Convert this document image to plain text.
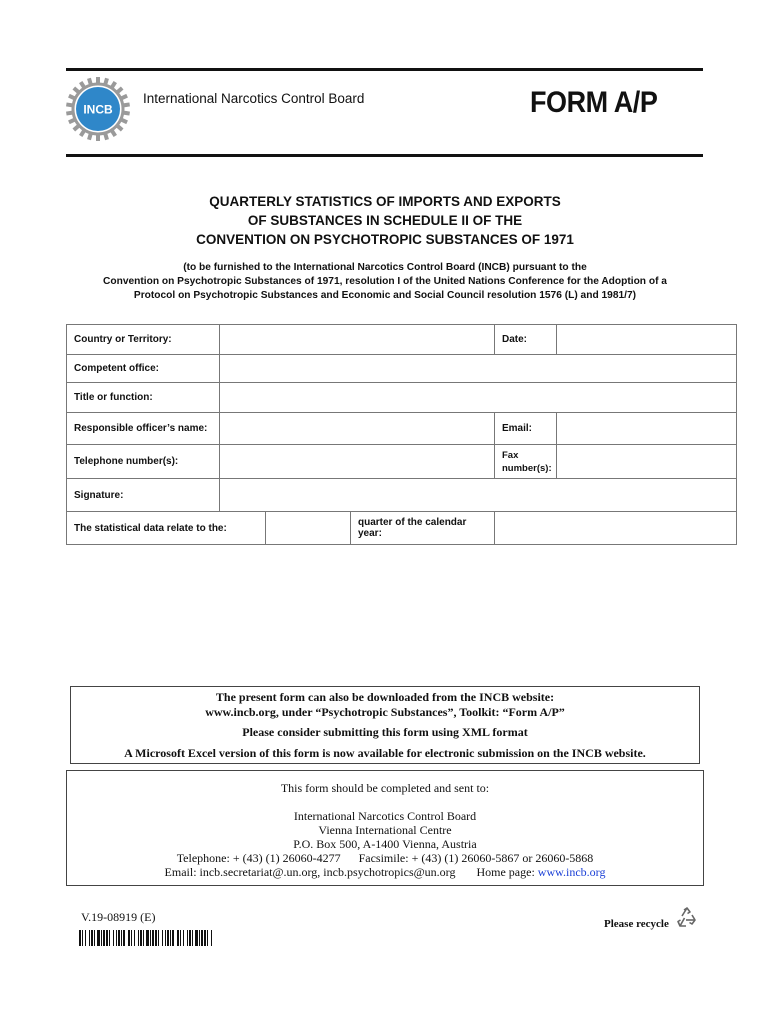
INCB
International Narcotics Control Board	FORM A/P
QUARTERLY STATISTICS OF IMPORTS AND EXPORTS
OF SUBSTANCES IN SCHEDULE II OF THE
CONVENTION ON PSYCHOTROPIC SUBSTANCES OF 1971
(to be furnished to the International Narcotics Control Board (INCB) pursuant to the
Convention on Psychotropic Substances of 1971, resolution I of the United Nations Conference for the Adoption of a
Protocol on Psychotropic Substances and Economic and Social Council resolution 1576 (L) and 1981/7)
Country or Territory:				Date:	
Competent office:					
Title or function:					
Responsible officer’s name:				Email:	
Telephone number(s):				Fax number(s):	
Signature:					
The statistical data relate to the:			quarter of the calendar year:		
The present form can also be downloaded from the INCB website:
www.incb.org, under “Psychotropic Substances”, Toolkit: “Form A/P”
Please consider submitting this form using XML format
A Microsoft Excel version of this form is now available for electronic submission on the INCB website.
This form should be completed and sent to:
International Narcotics Control Board
Vienna International Centre
P.O. Box 500, A-1400 Vienna, Austria
Telephone: + (43) (1) 26060-4277 Facsimile: + (43) (1) 26060-5867 or 26060-5868
Email: incb.secretariat@.un.org, incb.psychotropics@un.org Home page: www.incb.org
V.19-08919 (E)	Please recycle
